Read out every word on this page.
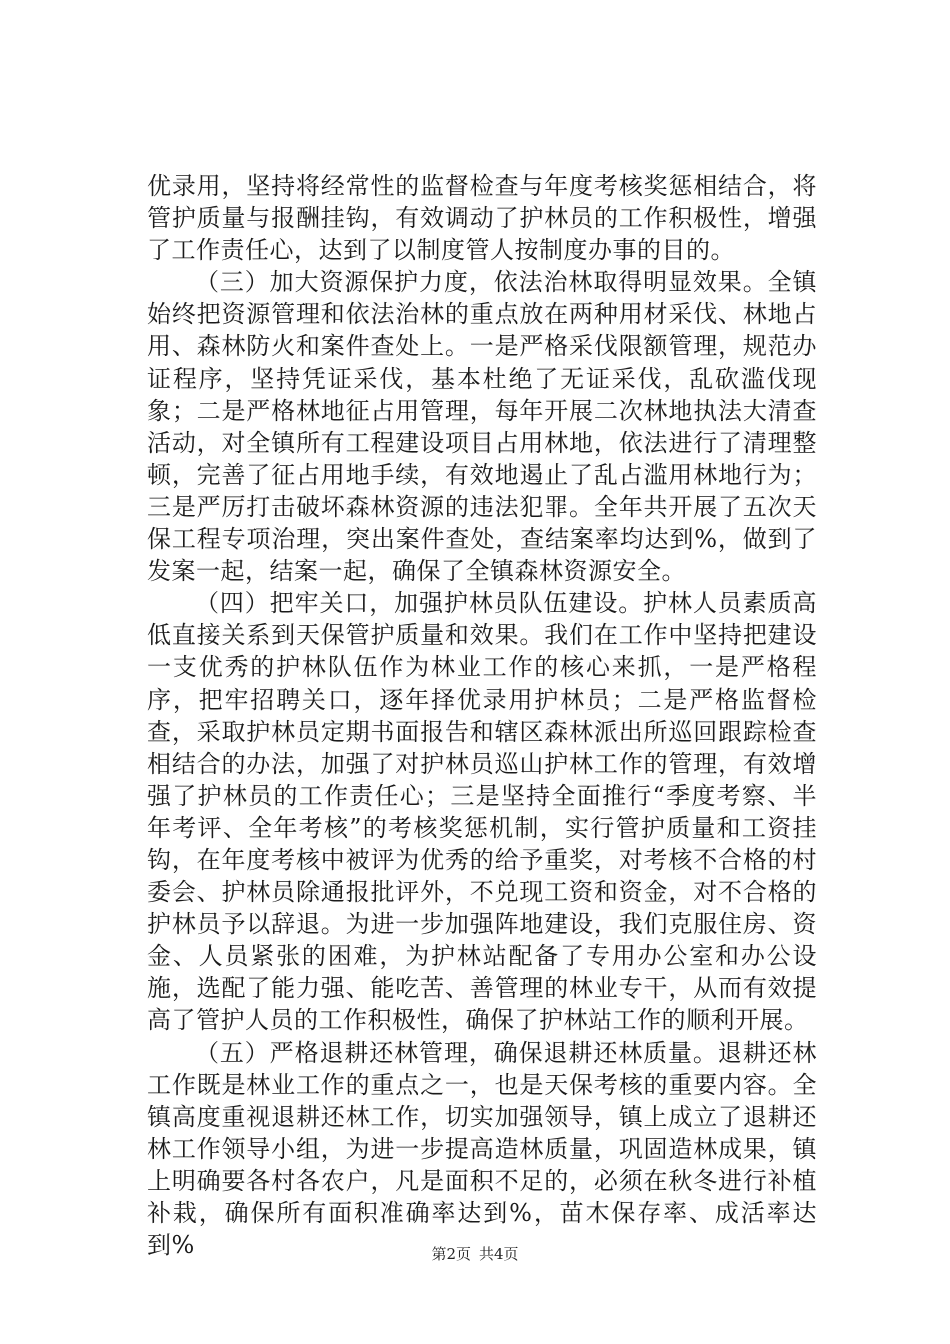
优录用，坚持将经常性的监督检查与年度考核奖惩相结合，将管护质量与报酬挂钩，有效调动了护林员的工作积极性，增强了工作责任心，达到了以制度管人按制度办事的目的。

（三）加大资源保护力度，依法治林取得明显效果。全镇始终把资源管理和依法治林的重点放在两种用材采伐、林地占用、森林防火和案件查处上。一是严格采伐限额管理，规范办证程序，坚持凭证采伐，基本杜绝了无证采伐，乱砍滥伐现象；二是严格林地征占用管理，每年开展二次林地执法大清查活动，对全镇所有工程建设项目占用林地，依法进行了清理整顿，完善了征占用地手续，有效地遏止了乱占滥用林地行为；三是严厉打击破坏森林资源的违法犯罪。全年共开展了五次天保工程专项治理，突出案件查处，查结案率均达到%，做到了发案一起，结案一起，确保了全镇森林资源安全。

（四）把牢关口，加强护林员队伍建设。护林人员素质高低直接关系到天保管护质量和效果。我们在工作中坚持把建设一支优秀的护林队伍作为林业工作的核心来抓，一是严格程序，把牢招聘关口，逐年择优录用护林员；二是严格监督检查，采取护林员定期书面报告和辖区森林派出所巡回跟踪检查相结合的办法，加强了对护林员巡山护林工作的管理，有效增强了护林员的工作责任心；三是坚持全面推行“季度考察、半年考评、全年考核”的考核奖惩机制，实行管护质量和工资挂钩，在年度考核中被评为优秀的给予重奖，对考核不合格的村委会、护林员除通报批评外，不兑现工资和资金，对不合格的护林员予以辞退。为进一步加强阵地建设，我们克服住房、资金、人员紧张的困难，为护林站配备了专用办公室和办公设施，选配了能力强、能吃苦、善管理的林业专干，从而有效提高了管护人员的工作积极性，确保了护林站工作的顺利开展。

（五）严格退耕还林管理，确保退耕还林质量。退耕还林工作既是林业工作的重点之一，也是天保考核的重要内容。全镇高度重视退耕还林工作，切实加强领导，镇上成立了退耕还林工作领导小组，为进一步提高造林质量，巩固造林成果，镇上明确要各村各农户，凡是面积不足的，必须在秋冬进行补植补栽，确保所有面积准确率达到%，苗木保存率、成活率达到%	第2页 共4页
